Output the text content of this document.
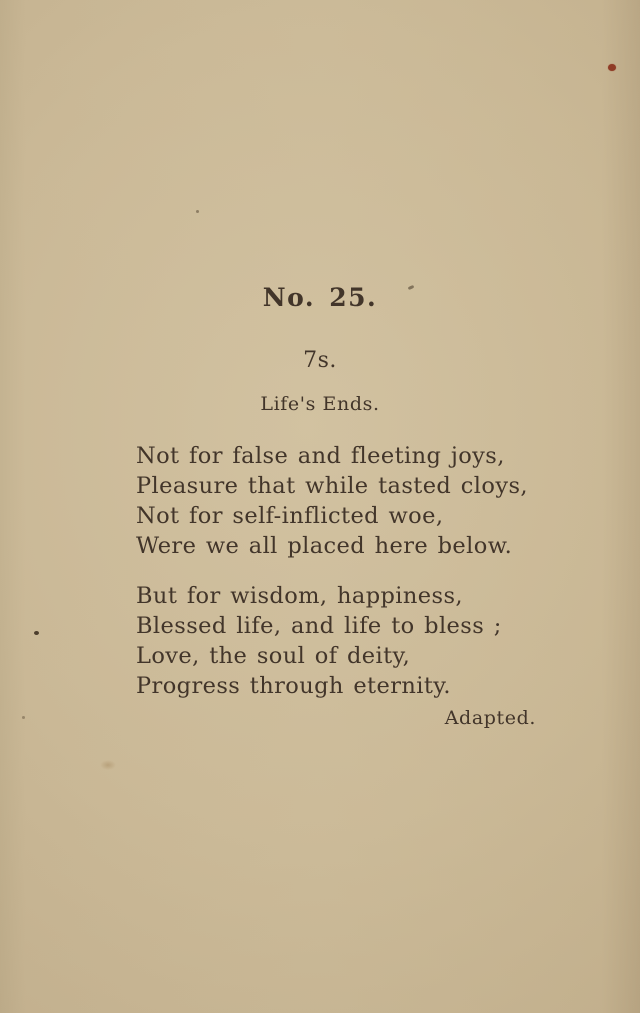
No. 25.
7s.
Life's Ends.
Not for false and fleeting joys,
Pleasure that while tasted cloys,
Not for self-inflicted woe,
Were we all placed here below.
But for wisdom, happiness,
Blessed life, and life to bless ;
Love, the soul of deity,
Progress through eternity.
Adapted.
